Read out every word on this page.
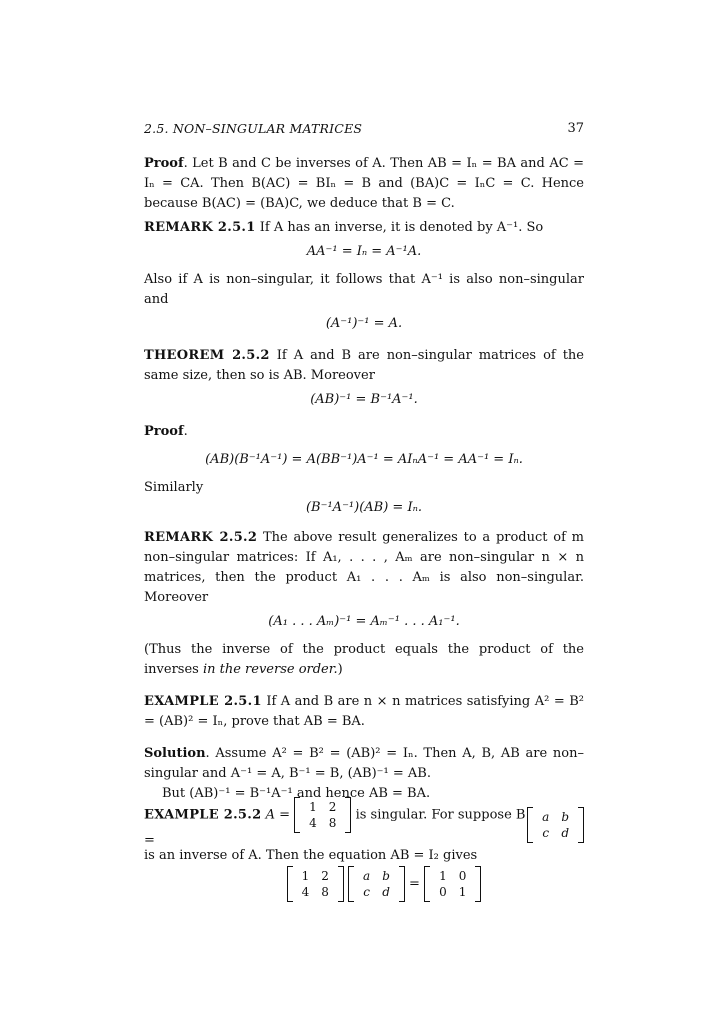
2.5. NON–SINGULAR MATRICES	37

Proof. Let B and C be inverses of A. Then AB = Iₙ = BA and AC = Iₙ = CA. Then B(AC) = BIₙ = B and (BA)C = IₙC = C. Hence because B(AC) = (BA)C, we deduce that B = C.

REMARK 2.5.1 If A has an inverse, it is denoted by A⁻¹. So

AA⁻¹ = Iₙ = A⁻¹A.

Also if A is non–singular, it follows that A⁻¹ is also non–singular and

(A⁻¹)⁻¹ = A.

THEOREM 2.5.2 If A and B are non–singular matrices of the same size, then so is AB. Moreover

(AB)⁻¹ = B⁻¹A⁻¹.

Proof.

(AB)(B⁻¹A⁻¹) = A(BB⁻¹)A⁻¹ = AIₙA⁻¹ = AA⁻¹ = Iₙ.

Similarly

(B⁻¹A⁻¹)(AB) = Iₙ.

REMARK 2.5.2 The above result generalizes to a product of m non–singular matrices: If A₁, . . . , Aₘ are non–singular n × n matrices, then the product A₁ . . . Aₘ is also non–singular. Moreover

(A₁ . . . Aₘ)⁻¹ = Aₘ⁻¹ . . . A₁⁻¹.

(Thus the inverse of the product equals the product of the inverses in the reverse order.)

EXAMPLE 2.5.1 If A and B are n × n matrices satisfying A² = B² = (AB)² = Iₙ, prove that AB = BA.

Solution. Assume A² = B² = (AB)² = Iₙ. Then A, B, AB are non–singular and A⁻¹ = A, B⁻¹ = B, (AB)⁻¹ = AB.

But (AB)⁻¹ = B⁻¹A⁻¹ and hence AB = BA.

EXAMPLE 2.5.2 A =
1	2
4	8
is singular. For suppose B =
a	b
c	d

is an inverse of A. Then the equation AB = I₂ gives

1	2
4	8

a	b
c	d
=
1	0
0	1
